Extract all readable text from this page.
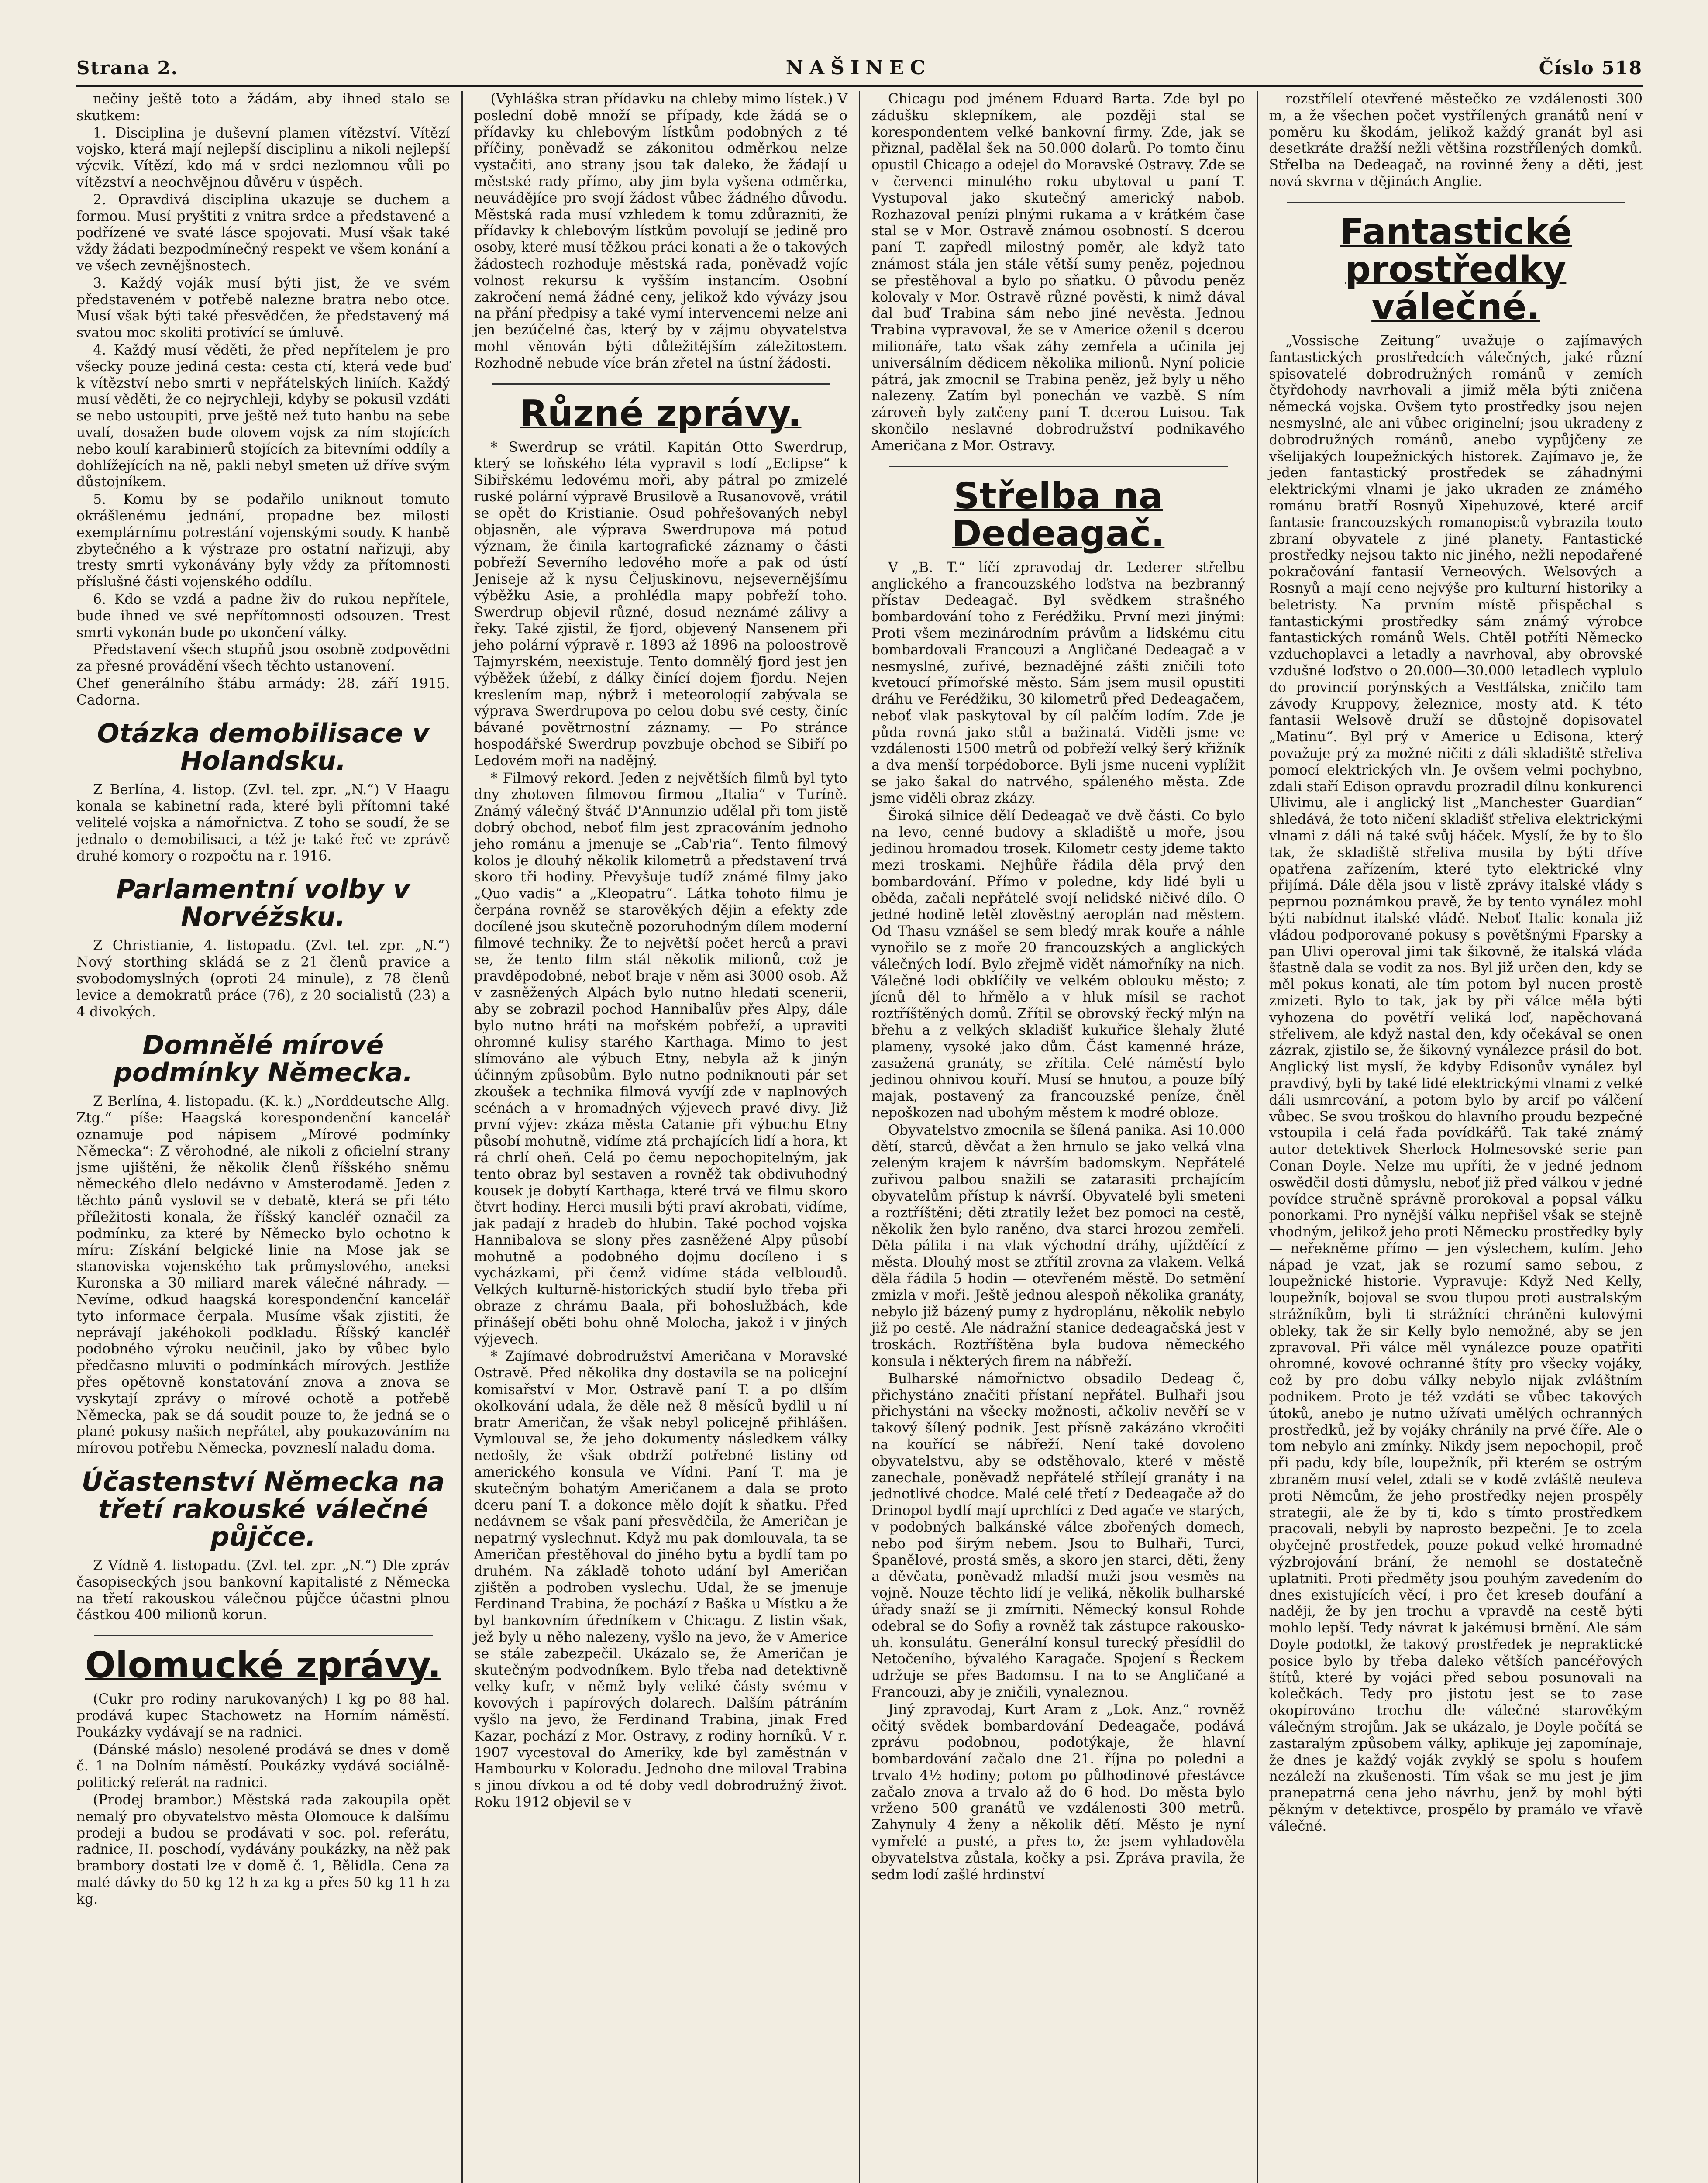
Strana 2.	NAŠINEC	Číslo 518

nečiny ještě toto a žádám, aby ihned stalo se skutkem:

1. Disciplina je duševní plamen vítězství. Vítězí vojsko, která mají nejlepší disciplinu a nikoli nejlepší výcvik. Vítězí, kdo má v srdci nezlomnou vůli po vítězství a neochvějnou důvěru v úspěch.

2. Opravdivá disciplina ukazuje se duchem a formou. Musí pryštiti z vnitra srdce a představené a podřízené ve svaté lásce spojovati. Musí však také vždy žádati bezpodmínečný respekt ve všem konání a ve všech zevnějšnostech.

3. Každý voják musí býti jist, že ve svém představeném v potřebě nalezne bratra nebo otce. Musí však býti také přesvědčen, že představený má svatou moc skoliti protivící se úmluvě.

4. Každý musí věděti, že před nepřítelem je pro všecky pouze jediná cesta: cesta ctí, která vede buď k vítězství nebo smrti v nepřátelských liniích. Každý musí věděti, že co nejrychleji, kdyby se pokusil vzdáti se nebo ustoupiti, prve ještě než tuto hanbu na sebe uvalí, dosažen bude olovem vojsk za ním stojících nebo koulí karabinierů stojících za bitevními oddíly a dohlížejících na ně, pakli nebyl smeten už dříve svým důstojníkem.

5. Komu by se podařilo uniknout tomuto okrášlenému jednání, propadne bez milosti exemplárnímu potrestání vojenskými soudy. K hanbě zbytečného a k výstraze pro ostatní nařizuji, aby tresty smrti vykonávány byly vždy za přítomnosti příslušné části vojenského oddílu.

6. Kdo se vzdá a padne živ do rukou nepřítele, bude ihned ve své nepřítomnosti odsouzen. Trest smrti vykonán bude po ukončení války.

Představení všech stupňů jsou osobně zodpovědni za přesné provádění všech těchto ustanovení.

Chef generálního štábu armády: 28. září 1915. Cadorna.

Otázka demobilisace v Holandsku.

Z Berlína, 4. listop. (Zvl. tel. zpr. „N.“) V Haagu konala se kabinetní rada, které byli přítomni také velitelé vojska a námořnictva. Z toho se soudí, že se jednalo o demobilisaci, a též je také řeč ve zprávě druhé komory o rozpočtu na r. 1916.

Parlamentní volby v Norvéžsku.

Z Christianie, 4. listopadu. (Zvl. tel. zpr. „N.“) Nový storthing skládá se z 21 členů pravice a svobodomyslných (oproti 24 minule), z 78 členů levice a demokratů práce (76), z 20 socialistů (23) a 4 divokých.

Domnělé mírové podmínky Německa.

Z Berlína, 4. listopadu. (K. k.) „Norddeutsche Allg. Ztg.“ píše: Haagská korespondenční kancelář oznamuje pod nápisem „Mírové podmínky Německa“: Z věrohodné, ale nikoli z oficielní strany jsme ujištěni, že několik členů říšského sněmu německého dlelo nedávno v Amsterodamě. Jeden z těchto pánů vyslovil se v debatě, která se při této příležitosti konala, že říšský kancléř označil za podmínku, za které by Německo bylo ochotno k míru: Získání belgické linie na Mose jak se stanoviska vojenského tak průmyslového, aneksi Kuronska a 30 miliard marek válečné náhrady. — Nevíme, odkud haagská korespondenční kancelář tyto informace čerpala. Musíme však zjistiti, že neprávají jakéhokoli podkladu. Říšský kancléř podobného výroku neučinil, jako by vůbec bylo předčasno mluviti o podmínkách mírových. Jestliže přes opětovně konstatování znova a znova se vyskytají zprávy o mírové ochotě a potřebě Německa, pak se dá soudit pouze to, že jedná se o plané pokusy našich nepřátel, aby poukazováním na mírovou potřebu Německa, povzneslí naladu doma.

Účastenství Německa na třetí rakouské válečné půjčce.

Z Vídně 4. listopadu. (Zvl. tel. zpr. „N.“) Dle zpráv časopiseckých jsou bankovní kapitalisté z Německa na třetí rakouskou válečnou půjčce účastni plnou částkou 400 milionů korun.

Olomucké zprávy.

(Cukr pro rodiny narukovaných) I kg po 88 hal. prodává kupec Stachowetz na Horním náměstí. Poukázky vydávají se na radnici.

(Dánské máslo) nesolené prodává se dnes v domě č. 1 na Dolním náměstí. Poukázky vydává sociálně-politický referát na radnici.

(Prodej brambor.) Městská rada zakoupila opět nemalý pro obyvatelstvo města Olomouce k dalšímu prodeji a budou se prodávati v soc. pol. referátu, radnice, II. poschodí, vydávány poukázky, na něž pak brambory dostati lze v domě č. 1, Bělidla. Cena za malé dávky do 50 kg 12 h za kg a přes 50 kg 11 h za kg.

(Vyhláška stran přídavku na chleby mimo lístek.) V poslední době množí se případy, kde žádá se o přídavky ku chlebovým lístkům podobných z té příčiny, poněvadž se zákonitou odměrkou nelze vystačiti, ano strany jsou tak daleko, že žádají u městské rady přímo, aby jim byla vyšena odměrka, neuvádějíce pro svojí žádost vůbec žádného důvodu. Městská rada musí vzhledem k tomu zdůrazniti, že přídavky k chlebovým lístkům povolují se jedině pro osoby, které musí těžkou práci konati a že o takových žádostech rozhoduje městská rada, poněvadž vojíc volnost rekursu k vyšším instancím. Osobní zakročení nemá žádné ceny, jelikož kdo vývázy jsou na přání předpisy a také vymí intervencemi nelze ani jen bezúčelné čas, který by v zájmu obyvatelstva mohl věnován býti důležitějším záležitostem. Rozhodně nebude více brán zřetel na ústní žádosti.

Různé zprávy.

* Swerdrup se vrátil. Kapitán Otto Swerdrup, který se loňského léta vypravil s lodí „Eclipse“ k Sibiřskému ledovému moři, aby pátral po zmizelé ruské polární výpravě Brusilově a Rusanovově, vrátil se opět do Kristianie. Osud pohřešovaných nebyl objasněn, ale výprava Swerdrupova má potud význam, že činila kartografické záznamy o části pobřeží Severního ledového moře a pak od ústí Jeniseje až k nysu Čeljuskinovu, nejsevernějšímu výběžku Asie, a prohlédla mapy pobřeží toho. Swerdrup objevil různé, dosud neznámé zálivy a řeky. Také zjistil, že fjord, objevený Nansenem při jeho polární výpravě r. 1893 až 1896 na poloostrově Tajmyrském, neexistuje. Tento domnělý fjord jest jen výběžek úžebí, z dálky činící dojem fjordu. Nejen kreslením map, nýbrž i meteorologií zabývala se výprava Swerdrupova po celou dobu své cesty, činíc bávané povětrnostní záznamy. — Po stránce hospodářské Swerdrup povzbuje obchod se Sibiří po Ledovém moři na nadějný.

* Filmový rekord. Jeden z největších filmů byl tyto dny zhotoven filmovou firmou „Italia“ v Turíně. Známý válečný štváč D'Annunzio udělal při tom jistě dobrý obchod, neboť film jest zpracováním jednoho jeho románu a jmenuje se „Cab'ria“. Tento filmový kolos je dlouhý několik kilometrů a představení trvá skoro tři hodiny. Převyšuje tudíž známé filmy jako „Quo vadis“ a „Kleopatru“. Látka tohoto filmu je čerpána rovněž se starověkých dějin a efekty zde docílené jsou skutečně pozoruhodným dílem moderní filmové techniky. Že to největší počet herců a pravi se, že tento film stál několik milionů, což je pravděpodobné, neboť braje v něm asi 3000 osob. Až v zasněžených Alpách bylo nutno hledati scenerii, aby se zobrazil pochod Hannibalův přes Alpy, dále bylo nutno hráti na mořském pobřeží, a upraviti ohromné kulisy starého Karthaga. Mimo to jest slímováno ale výbuch Etny, nebyla až k jinýn účinným způsobům. Bylo nutno podniknouti pár set zkoušek a technika filmová vyvíjí zde v naplnových scénách a v hromadných výjevech pravé divy. Již první výjev: zkáza města Catanie při výbuchu Etny působí mohutně, vidíme ztá prchajících lidí a hora, kt rá chrlí oheň. Celá po čemu nepochopitelným, jak tento obraz byl sestaven a rovněž tak obdivuhodný kousek je dobytí Karthaga, které trvá ve filmu skoro čtvrt hodiny. Herci musili býti praví akrobati, vidíme, jak padají z hradeb do hlubin. Také pochod vojska Hannibalova se slony přes zasněžené Alpy působí mohutně a podobného dojmu docíleno i s vycházkami, při čemž vidíme stáda velbloudů. Velkých kulturně-historických studií bylo třeba při obraze z chrámu Baala, při bohoslužbách, kde přinášejí oběti bohu ohně Molocha, jakož i v jiných výjevech.

* Zajímavé dobrodružství Američana v Moravské Ostravě. Před několika dny dostavila se na policejní komisařství v Mor. Ostravě paní T. a po dlším okolkování udala, že děle než 8 měsíců bydlil u ní bratr Američan, že však nebyl policejně přihlášen. Vymlouval se, že jeho dokumenty následkem války nedošly, že však obdrží potřebné listiny od amerického konsula ve Vídni. Paní T. ma je skutečným bohatým Američanem a dala se proto dceru paní T. a dokonce mělo dojít k sňatku. Před nedávnem se však paní přesvědčila, že Američan je nepatrný vyslechnut. Když mu pak domlouvala, ta se Američan přestěhoval do jiného bytu a bydlí tam po druhém. Na základě tohoto udání byl Američan zjištěn a podroben vyslechu. Udal, že se jmenuje Ferdinand Trabina, že pochází z Baška u Místku a že byl bankovním úředníkem v Chicagu. Z listin však, jež byly u něho nalezeny, vyšlo na jevo, že v Americe se stále zabezpečil. Ukázalo se, že Američan je skutečným podvodníkem. Bylo třeba nad detektivně velky kufr, v němž byly veliké částy svému v kovových i papírových dolarech. Dalším pátráním vyšlo na jevo, že Ferdinand Trabina, jinak Fred Kazar, pochází z Mor. Ostravy, z rodiny horníků. V r. 1907 vycestoval do Ameriky, kde byl zaměstnán v Hambourku v Koloradu. Jednoho dne miloval Trabina s jinou dívkou a od té doby vedl dobrodružný život. Roku 1912 objevil se v

Chicagu pod jménem Eduard Barta. Zde byl po zádušku sklepníkem, ale později stal se korespondentem velké bankovní firmy. Zde, jak se přiznal, padělal šek na 50.000 dolarů. Po tomto činu opustil Chicago a odejel do Moravské Ostravy. Zde se v červenci minulého roku ubytoval u paní T. Vystupoval jako skutečný americký nabob. Rozhazoval penízi plnými rukama a v krátkém čase stal se v Mor. Ostravě známou osobností. S dcerou paní T. zapředl milostný poměr, ale když tato známost stála jen stále větší sumy peněz, pojednou se přestěhoval a bylo po sňatku. O původu peněz kolovaly v Mor. Ostravě různé pověsti, k nimž dával dal buď Trabina sám nebo jiné nevěsta. Jednou Trabina vypravoval, že se v Americe oženil s dcerou milionáře, tato však záhy zemřela a učinila jej universálním dědicem několika milionů. Nyní policie pátrá, jak zmocnil se Trabina peněz, jež byly u něho nalezeny. Zatím byl ponechán ve vazbě. S ním zároveň byly zatčeny paní T. dcerou Luisou. Tak skončilo neslavné dobrodružství podnikavého Američana z Mor. Ostravy.

Střelba na Dedeagač.

V „B. T.“ líčí zpravodaj dr. Lederer střelbu anglického a francouzského loďstva na bezbranný přístav Dedeagač. Byl svědkem strašného bombardování toho z Ferédžiku. První mezi jinými: Proti všem mezinárodním právům a lidskému citu bombardovali Francouzi a Angličané Dedeagač a v nesmyslné, zuřivé, beznadějné zášti zničili toto kvetoucí přímořské město. Sám jsem musil opustiti dráhu ve Ferédžiku, 30 kilometrů před Dedeagačem, neboť vlak paskytoval by cíl palčím lodím. Zde je půda rovná jako stůl a bažinatá. Viděli jsme ve vzdálenosti 1500 metrů od pobřeží velký šerý křižník a dva menší torpédoborce. Byli jsme nuceni vyplížit se jako šakal do natrvého, spáleného města. Zde jsme viděli obraz zkázy.

Široká silnice dělí Dedeagač ve dvě části. Co bylo na levo, cenné budovy a skladiště u moře, jsou jedinou hromadou trosek. Kilometr cesty jdeme takto mezi troskami. Nejhůře řádila děla prvý den bombardování. Přímo v poledne, kdy lidé byli u oběda, začali nepřátelé svojí nelidské ničivé dílo. O jedné hodině letěl zlověstný aeroplán nad městem. Od Thasu vznášel se sem bledý mrak kouře a náhle vynořilo se z moře 20 francouzských a anglických válečných lodí. Bylo zřejmě vidět námořníky na nich. Válečné lodi obklíčily ve velkém oblouku město; z jícnů děl to hřmělo a v hluk mísil se rachot roztříštěných domů. Zřítil se obrovský řecký mlýn na břehu a z velkých skladišť kukuřice šlehaly žluté plameny, vysoké jako dům. Část kamenné hráze, zasažená granáty, se zřítila. Celé náměstí bylo jedinou ohnivou kouří. Musí se hnutou, a pouze bílý majak, postavený za francouzské peníze, čněl nepoškozen nad ubohým městem k modré obloze.

Obyvatelstvo zmocnila se šílená panika. Asi 10.000 dětí, starců, děvčat a žen hrnulo se jako velká vlna zeleným krajem k návrším badomskym. Nepřátelé zuřivou palbou snažili se zatarasiti prchajícím obyvatelům přístup k návrší. Obyvatelé byli smeteni a roztříštěni; děti ztratily ležet bez pomoci na cestě, několik žen bylo raněno, dva starci hrozou zemřeli. Děla pálila i na vlak východní dráhy, ujížděící z města. Dlouhý most se ztřítil zrovna za vlakem. Velká děla řádila 5 hodin — otevřeném městě. Do setmění zmizla v moři. Ještě jednou alespoň několika granáty, nebylo již bázený pumy z hydroplánu, několik nebylo již po cestě. Ale nádražní stanice dedeagačská jest v troskách. Roztříštěna byla budova německého konsula i některých firem na nábřeží.

Bulharské námořnictvo obsadilo Dedeag č, přichystáno značiti přístaní nepřátel. Bulhaři jsou přichystáni na všecky možnosti, ačkoliv nevěří se v takový šílený podnik. Jest přísně zakázáno vkročiti na kouřící se nábřeží. Není také dovoleno obyvatelstvu, aby se odstěhovalo, které v městě zanechale, poněvadž nepřátelé střílejí granáty i na jednotlivé chodce. Malé celé třetí z Dedeagače až do Drinopol bydlí mají uprchlíci z Ded agače ve starých, v podobných balkánské válce zbořených domech, nebo pod širým nebem. Jsou to Bulhaři, Turci, Španělové, prostá směs, a skoro jen starci, děti, ženy a děvčata, poněvadž mladší muži jsou vesměs na vojně. Nouze těchto lidí je veliká, několik bulharské úřady snaží se ji zmírniti. Německý konsul Rohde odebral se do Sofiy a rovněž tak zástupce rakousko-uh. konsulátu. Generální konsul turecký přesídlil do Netočeního, bývalého Karagače. Spojení s Řeckem udržuje se přes Badomsu. I na to se Angličané a Francouzi, aby je zničili, vynaleznou.

Jiný zpravodaj, Kurt Aram z „Lok. Anz.“ rovněž očitý svědek bombardování Dedeagače, podává zprávu podobnou, podotýkaje, že hlavní bombardování začalo dne 21. října po poledni a trvalo 4½ hodiny; potom po půlhodinové přestávce začalo znova a trvalo až do 6 hod. Do města bylo vrženo 500 granátů ve vzdálenosti 300 metrů. Zahynuly 4 ženy a několik dětí. Město je nyní vymřelé a pusté, a přes to, že jsem vyhladověla obyvatelstva zůstala, kočky a psi. Zpráva pravila, že sedm lodí zašlé hrdinství

rozstřílelí otevřené městečko ze vzdálenosti 300 m, a že všechen počet vystřílených granátů není v poměru ku škodám, jelikož každý granát byl asi desetkráte dražší nežli většina rozstřílených domků. Střelba na Dedeagač, na rovinné ženy a děti, jest nová skvrna v dějinách Anglie.

Fantastické prostředky válečné.

„Vossische Zeitung“ uvažuje o zajímavých fantastických prostředcích válečných, jaké různí spisovatelé dobrodružných románů v zemích čtyřdohody navrhovali a jimiž měla býti zničena německá vojska. Ovšem tyto prostředky jsou nejen nesmyslné, ale ani vůbec originelní; jsou ukradeny z dobrodružných románů, anebo vypůjčeny ze všelijakých loupežnických historek. Zajímavo je, že jeden fantastický prostředek se záhadnými elektrickými vlnami je jako ukraden ze známého románu bratří Rosnyů Xipehuzové, které arcif fantasie francouzských romanopisců vybrazila touto zbraní obyvatele z jiné planety. Fantastické prostředky nejsou takto nic jiného, nežli nepodařené pokračování fantasií Verneových. Welsových a Rosnyů a mají ceno nejvýše pro kulturní historiky a beletristy. Na prvním místě přispěchal s fantastickými prostředky sám známý výrobce fantastických románů Wels. Chtěl potříti Německo vzduchoplavci a letadly a navrhoval, aby obrovské vzdušné loďstvo o 20.000—30.000 letadlech vyplulo do provincií porýnských a Vestfálska, zničilo tam závody Kruppovy, železnice, mosty atd. K této fantasii Welsově druží se důstojně dopisovatel „Matinu“. Byl prý v Americe u Edisona, který považuje prý za možné ničiti z dáli skladiště střeliva pomocí elektrických vln. Je ovšem velmi pochybno, zdali staří Edison opravdu prozradil dílnu konkurenci Ulivimu, ale i anglický list „Manchester Guardian“ shledává, že toto ničení skladišť střeliva elektrickými vlnami z dáli ná také svůj háček. Myslí, že by to šlo tak, že skladiště střeliva musila by býti dříve opatřena zařízením, které tyto elektrické vlny přijímá. Dále děla jsou v listě zprávy italské vlády s peprnou poznámkou pravě, že by tento vynález mohl býti nabídnut italské vládě. Neboť Italic konala již vládou podporované pokusy s povětšnými Fparsky a pan Ulivi operoval jimi tak šikovně, že italská vláda šťastně dala se vodit za nos. Byl již určen den, kdy se měl pokus konati, ale tím potom byl nucen prostě zmizeti. Bylo to tak, jak by při válce měla býti vyhozena do povětří veliká loď, napěchovaná střelivem, ale když nastal den, kdy očekával se onen zázrak, zjistilo se, že šikovný vynálezce prásil do bot. Anglický list myslí, že kdyby Edisonův vynález byl pravdivý, byli by také lidé elektrickými vlnami z velké dáli usmrcování, a potom bylo by arcif po válčení vůbec. Se svou troškou do hlavního proudu bezpečné vstoupila i celá řada povídkářů. Tak také známý autor detektivek Sherlock Holmesovské serie pan Conan Doyle. Nelze mu upříti, že v jedné jednom oswědčil dosti důmyslu, neboť již před válkou v jedné povídce stručně správně prorokoval a popsal válku ponorkami. Pro nynější válku nepřišel však se stejně vhodným, jelikož jeho proti Německu prostředky byly — neřekněme přímo — jen výslechem, kulím. Jeho nápad je vzat, jak se rozumí samo sebou, z loupežnické historie. Vypravuje: Když Ned Kelly, loupežník, bojoval se svou tlupou proti australským strážníkům, byli ti strážníci chráněni kulovými obleky, tak že sir Kelly bylo nemožné, aby se jen zpravoval. Při válce měl vynálezce pouze opatřiti ohromné, kovové ochranné štíty pro všecky vojáky, což by pro dobu války nebylo nijak zvláštním podnikem. Proto je též vzdáti se vůbec takových útoků, anebo je nutno užívati umělých ochranných prostředků, jež by vojáky chránily na prvé číře. Ale o tom nebylo ani zmínky. Nikdy jsem nepochopil, proč při padu, kdy bíle, loupežník, při kterém se ostrým zbraněm musí velel, zdali se v kodě zvláště neuleva proti Němcům, že jeho prostředky nejen prospěly strategii, ale že by ti, kdo s tímto prostředkem pracovali, nebyli by naprosto bezpečni. Je to zcela obyčejně prostředek, pouze pokud velké hromadné výzbrojování brání, že nemohl se dostatečně uplatniti. Proti předměty jsou pouhým zavedením do dnes existujících věcí, i pro čet kreseb doufání a naději, že by jen trochu a vpravdě na cestě býti mohlo lepší. Tedy návrat k jakémusi brnění. Ale sám Doyle podotkl, že takový prostředek je nepraktické posice bylo by třeba daleko větších pancéřových štítů, které by vojáci před sebou posunovali na kolečkách. Tedy pro jistotu jest se to zase okopírováno trochu dle válečné starověkým válečným strojům. Jak se ukázalo, je Doyle počítá se zastaralým způsobem války, aplikuje jej zapomínaje, že dnes je každý voják zvyklý se spolu s houfem nezáleží na zkušenosti. Tím však se mu jest je jim pranepatrná cena jeho návrhu, jenž by mohl býti pěkným v detektivce, prospělo by pramálo ve vřavě válečné.
